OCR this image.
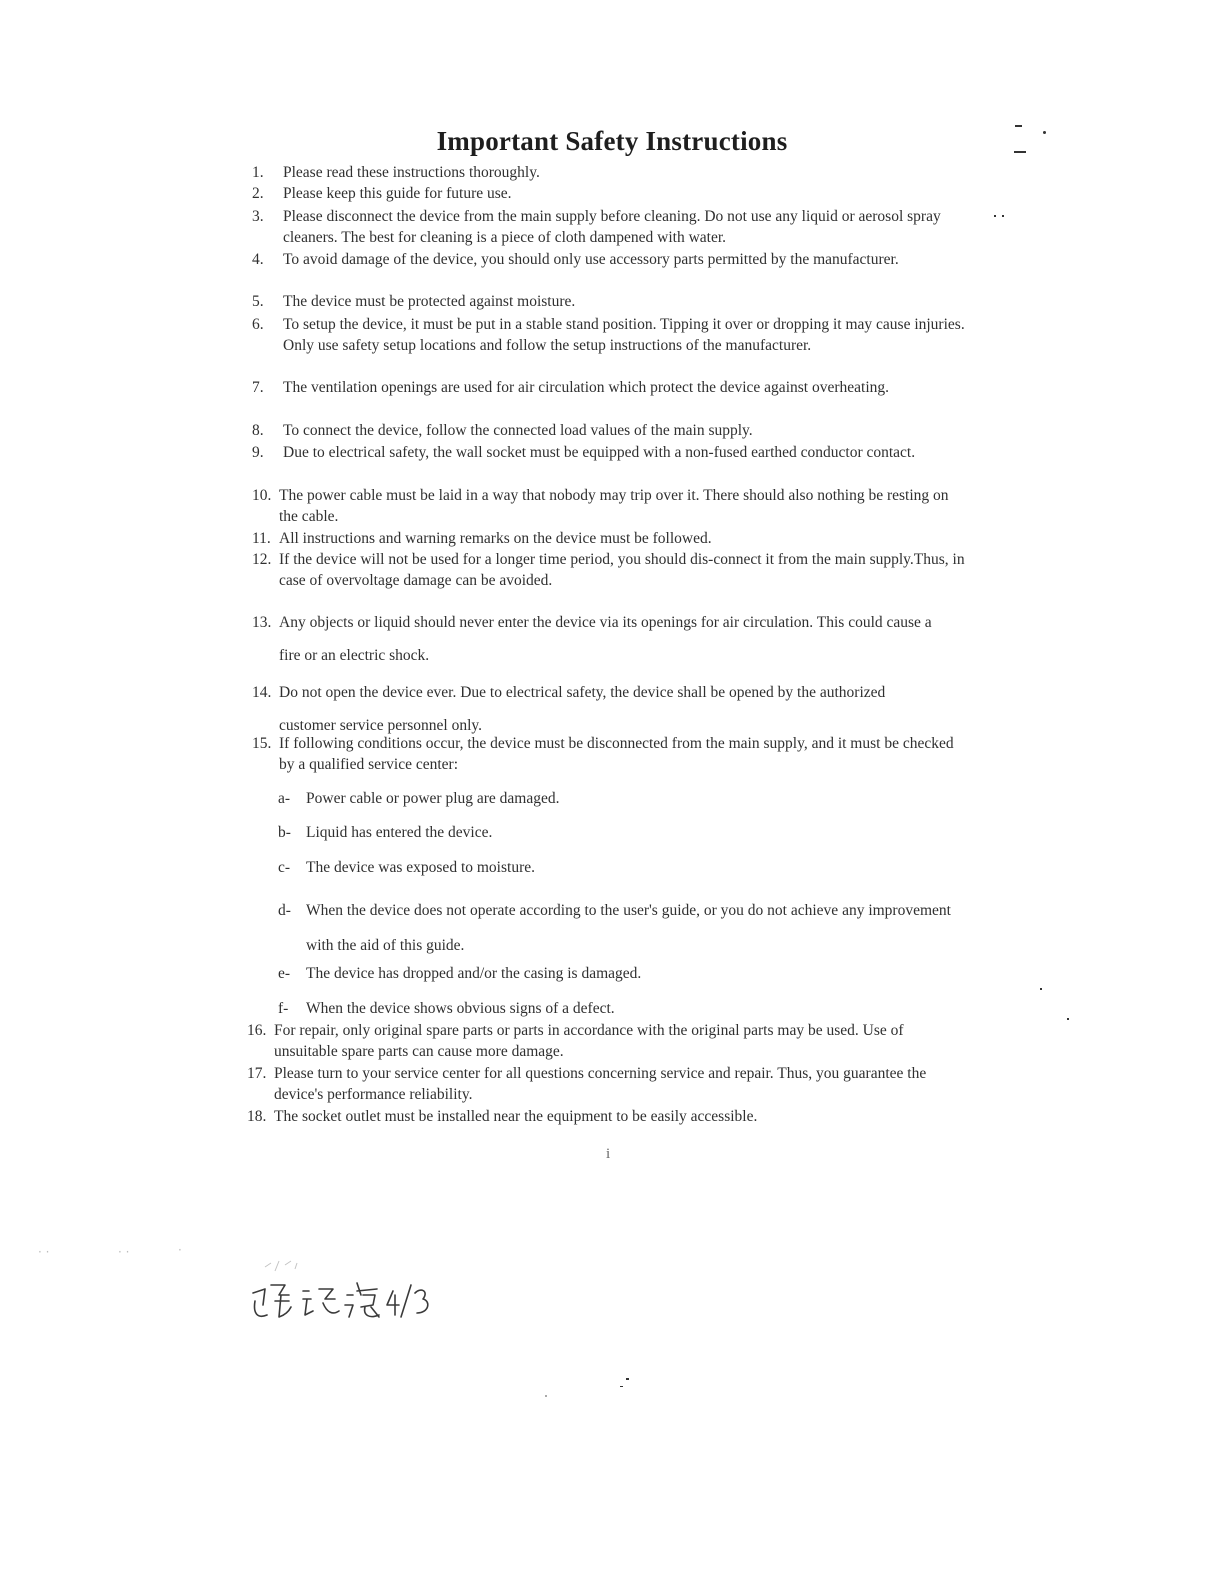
Important Safety Instructions
1. Please read these instructions thoroughly.
2. Please keep this guide for future use.
3. Please disconnect the device from the main supply before cleaning. Do not use any liquid or aerosol spray cleaners. The best for cleaning is a piece of cloth dampened with water.
4. To avoid damage of the device, you should only use accessory parts permitted by the manufacturer.
5. The device must be protected against moisture.
6. To setup the device, it must be put in a stable stand position. Tipping it over or dropping it may cause injuries. Only use safety setup locations and follow the setup instructions of the manufacturer.
7. The ventilation openings are used for air circulation which protect the device against overheating.
8. To connect the device, follow the connected load values of the main supply.
9. Due to electrical safety, the wall socket must be equipped with a non-fused earthed conductor contact.
10. The power cable must be laid in a way that nobody may trip over it. There should also nothing be resting on the cable.
11. All instructions and warning remarks on the device must be followed.
12. If the device will not be used for a longer time period, you should dis-connect it from the main supply.Thus, in case of overvoltage damage can be avoided.
13. Any objects or liquid should never enter the device via its openings for air circulation. This could cause a fire or an electric shock.
14. Do not open the device ever. Due to electrical safety, the device shall be opened by the authorized customer service personnel only.
15. If following conditions occur, the device must be disconnected from the main supply, and it must be checked by a qualified service center:
a- Power cable or power plug are damaged.
b- Liquid has entered the device.
c- The device was exposed to moisture.
d- When the device does not operate according to the user's guide, or you do not achieve any improvement with the aid of this guide.
e- The device has dropped and/or the casing is damaged.
f- When the device shows obvious signs of a defect.
16. For repair, only original spare parts or parts in accordance with the original parts may be used. Use of unsuitable spare parts can cause more damage.
17. Please turn to your service center for all questions concerning service and repair. Thus, you guarantee the device's performance reliability.
18. The socket outlet must be installed near the equipment to be easily accessible.
i
· ·	· ·	·
